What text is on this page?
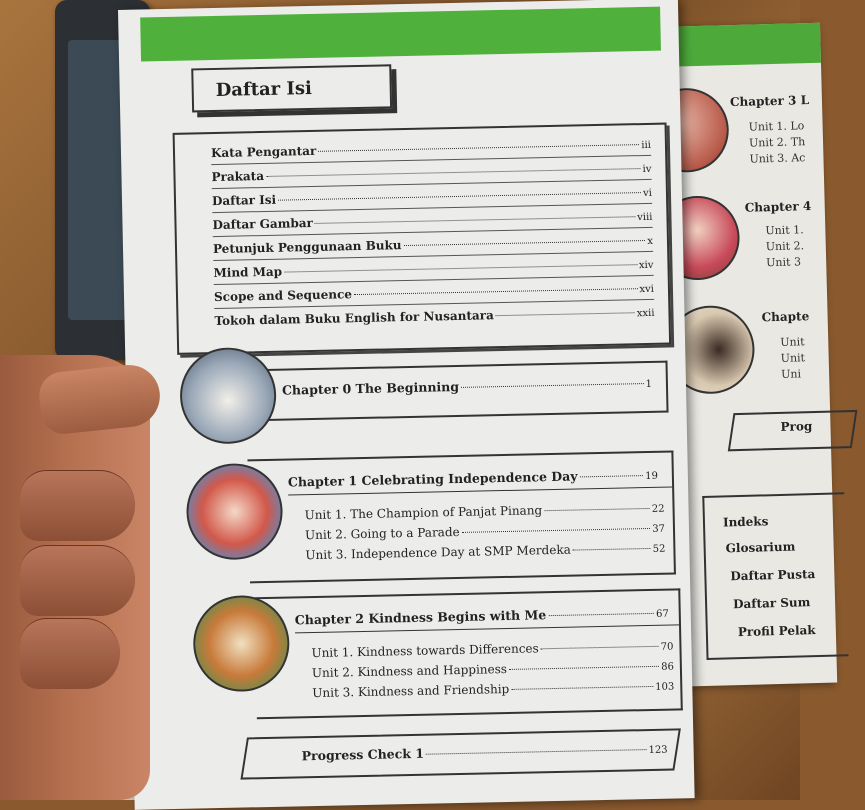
Chapter 3 L
Unit 1. Lo
Unit 2. Th
Unit 3. Ac
Chapter 4
Unit 1.
Unit 2.
Unit 3
Chapte
Unit
Unit
Uni
Prog
Indeks
Glosarium
Daftar Pusta
Daftar Sum
Profil Pelak
Daftar Isi
Kata Pengantar	iii
Prakata	iv
Daftar Isi	vi
Daftar Gambar	viii
Petunjuk Penggunaan Buku	x
Mind Map	xiv
Scope and Sequence	xvi
Tokoh dalam Buku English for Nusantara	xxii
Chapter 0 The Beginning	1
Chapter 1 Celebrating Independence Day	19
Unit 1. The Champion of Panjat Pinang	22
Unit 2. Going to a Parade	37
Unit 3. Independence Day at SMP Merdeka	52
Chapter 2 Kindness Begins with Me	67
Unit 1. Kindness towards Differences	70
Unit 2. Kindness and Happiness	86
Unit 3. Kindness and Friendship	103
Progress Check 1	123
